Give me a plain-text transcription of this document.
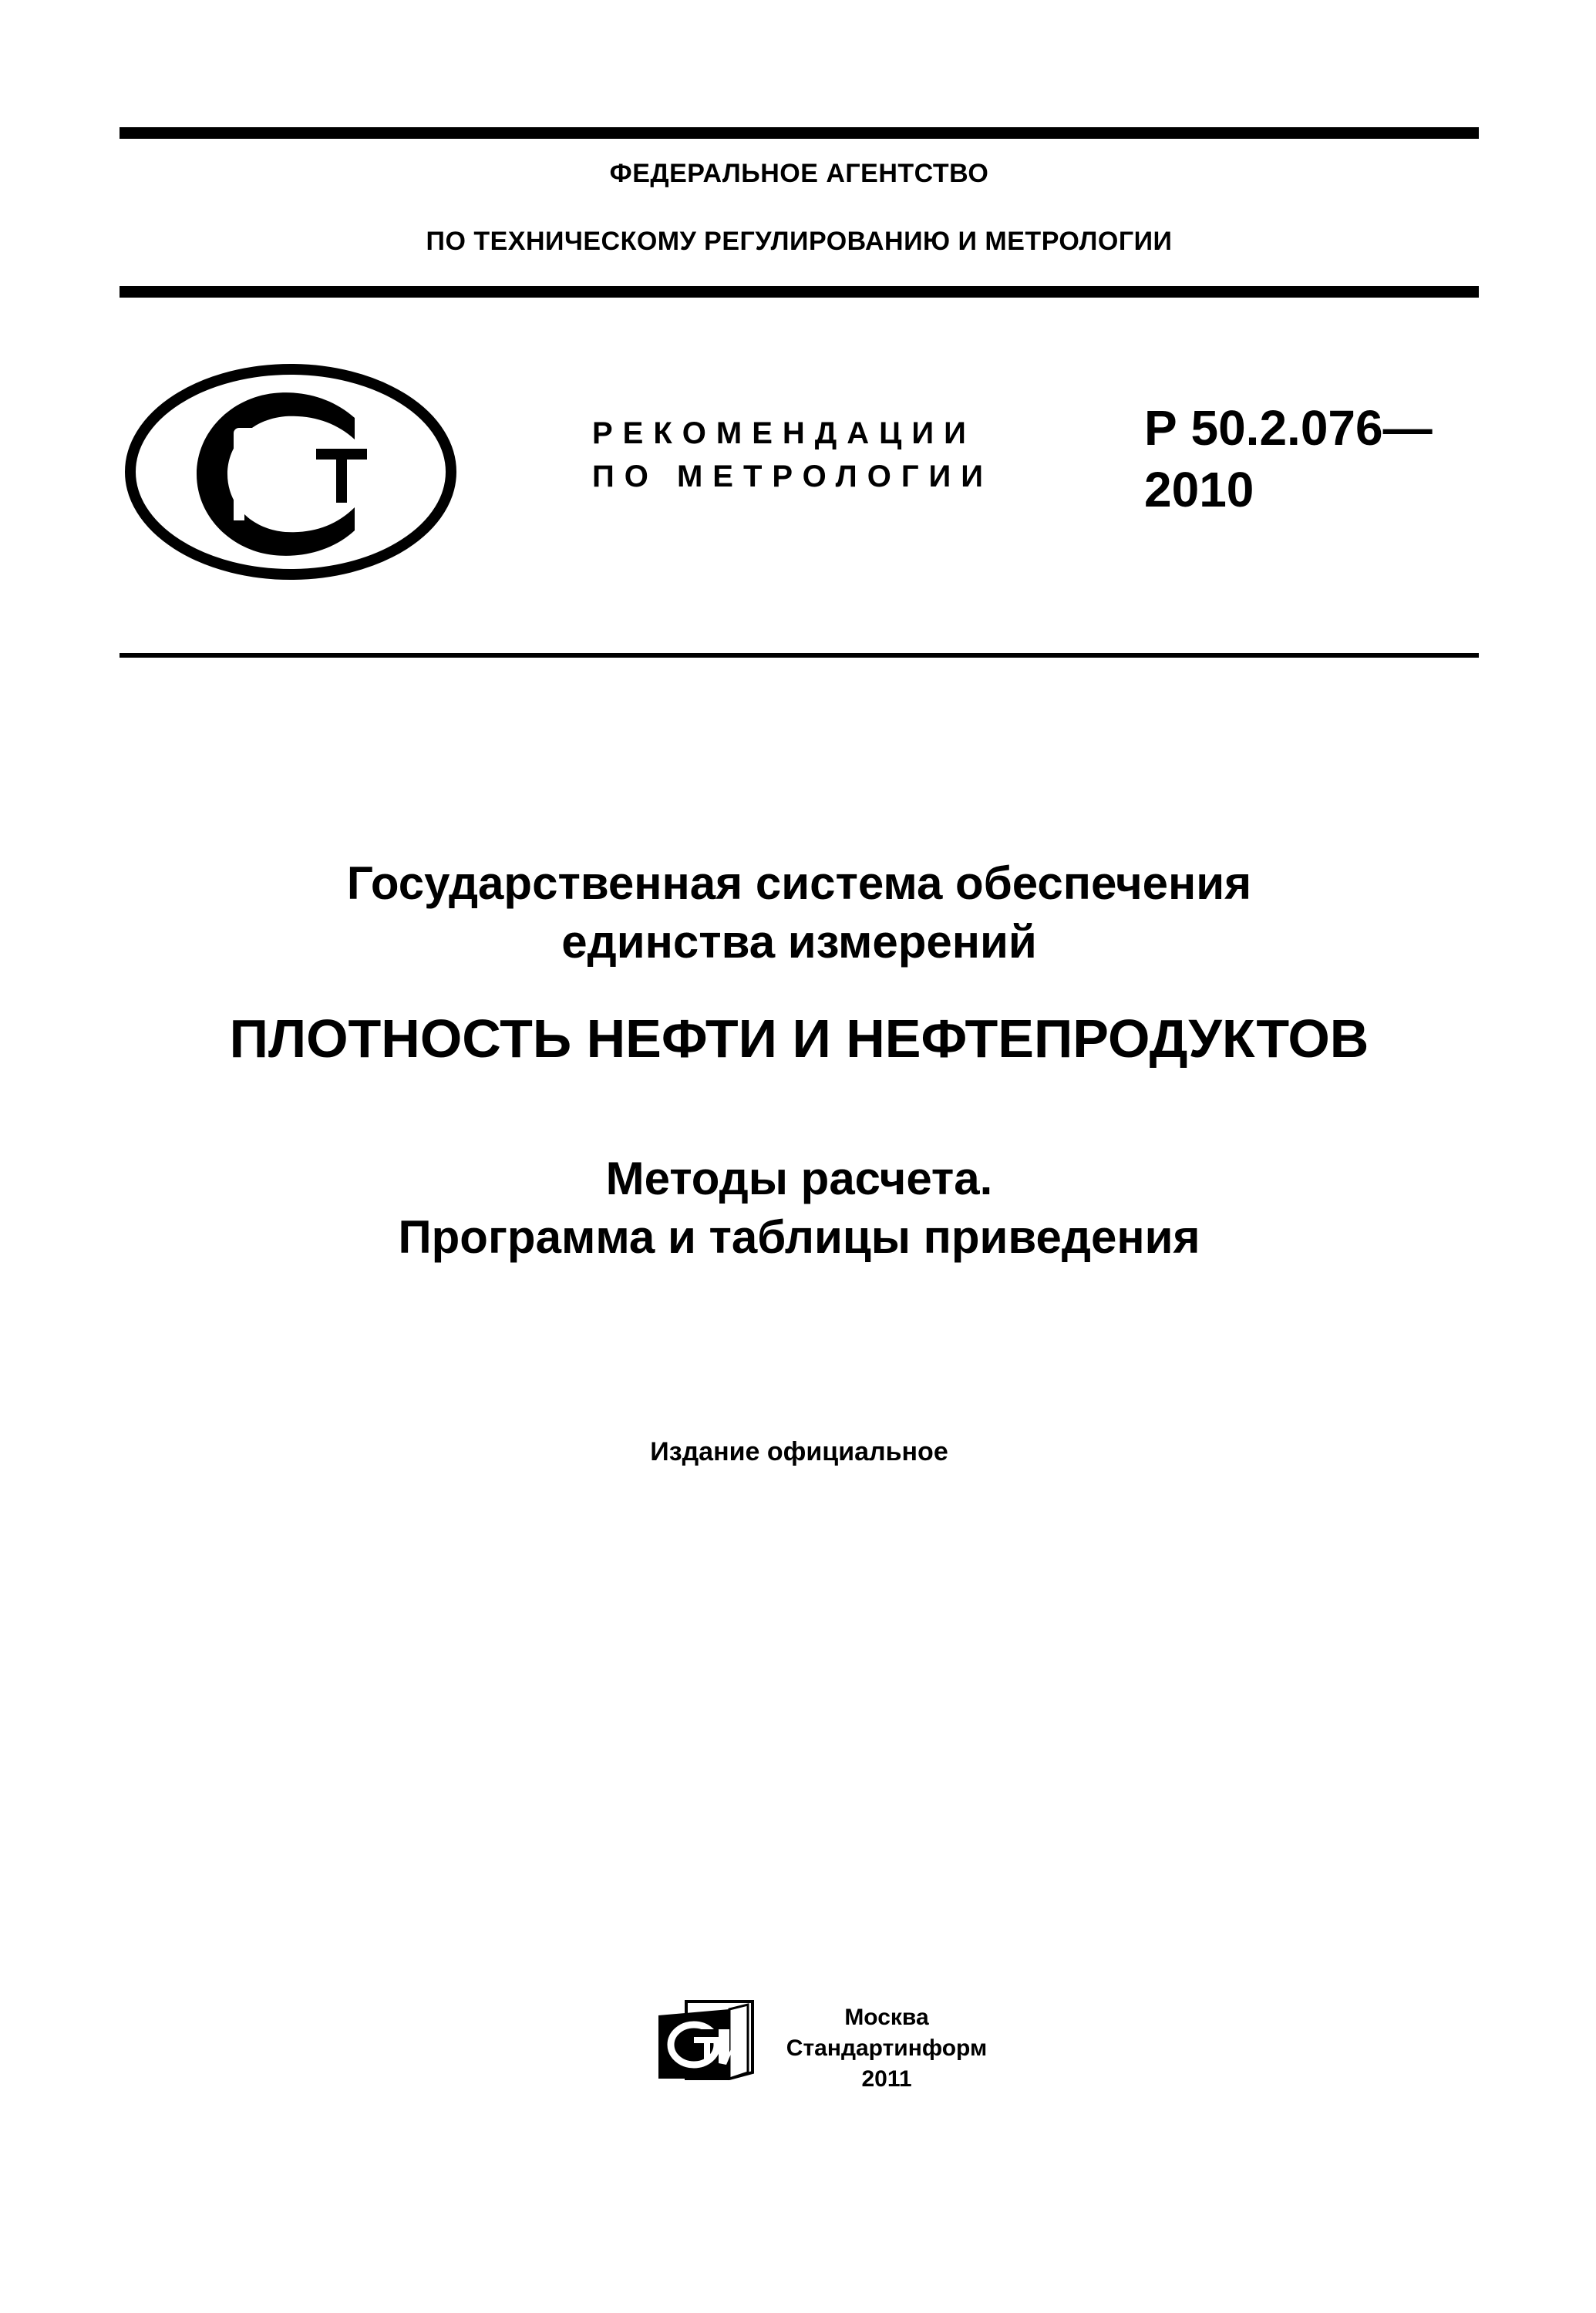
ФЕДЕРАЛЬНОЕ АГЕНТСТВО
ПО ТЕХНИЧЕСКОМУ РЕГУЛИРОВАНИЮ И МЕТРОЛОГИИ
РЕКОМЕНДАЦИИ
ПО МЕТРОЛОГИИ
Р 50.2.076—
2010
Государственная система обеспечения
единства измерений
ПЛОТНОСТЬ НЕФТИ И НЕФТЕПРОДУКТОВ
Методы расчета.
Программа и таблицы приведения
Издание официальное
Москва
Стандартинформ
2011
